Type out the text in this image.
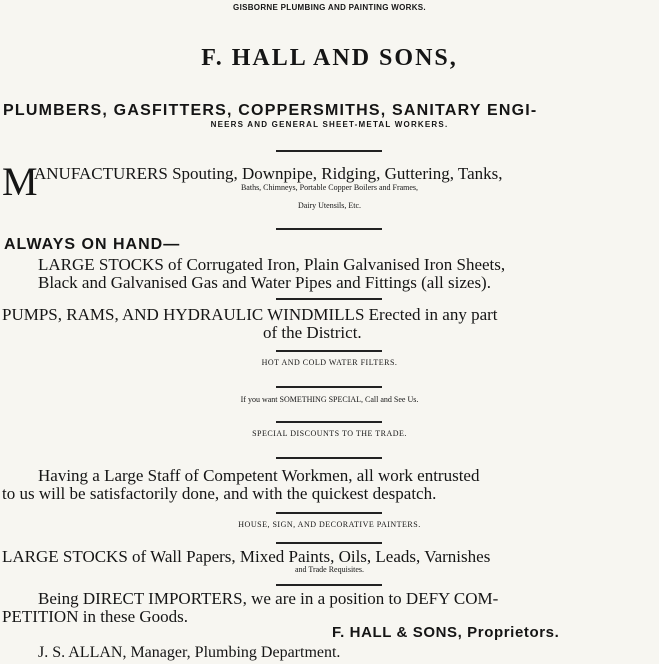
GISBORNE PLUMBING AND PAINTING WORKS.
F. HALL AND SONS,
PLUMBERS, GASFITTERS, COPPERSMITHS, SANITARY ENGI-
NEERS AND GENERAL SHEET-METAL WORKERS.
M
ANUFACTURERS Spouting, Downpipe, Ridging, Guttering, Tanks,
Baths, Chimneys, Portable Copper Boilers and Frames,
Dairy Utensils, Etc.
ALWAYS ON HAND—
LARGE STOCKS of Corrugated Iron, Plain Galvanised Iron Sheets,
Black and Galvanised Gas and Water Pipes and Fittings (all sizes).
PUMPS, RAMS, AND HYDRAULIC WINDMILLS Erected in any part
of the District.
HOT AND COLD WATER FILTERS.
If you want SOMETHING SPECIAL, Call and See Us.
SPECIAL DISCOUNTS TO THE TRADE.
Having a Large Staff of Competent Workmen, all work entrusted
to us will be satisfactorily done, and with the quickest despatch.
HOUSE, SIGN, AND DECORATIVE PAINTERS.
LARGE STOCKS of Wall Papers, Mixed Paints, Oils, Leads, Varnishes
and Trade Requisites.
Being DIRECT IMPORTERS, we are in a position to DEFY COM-
PETITION in these Goods.
F. HALL & SONS, Proprietors.
J. S. ALLAN, Manager, Plumbing Department.
